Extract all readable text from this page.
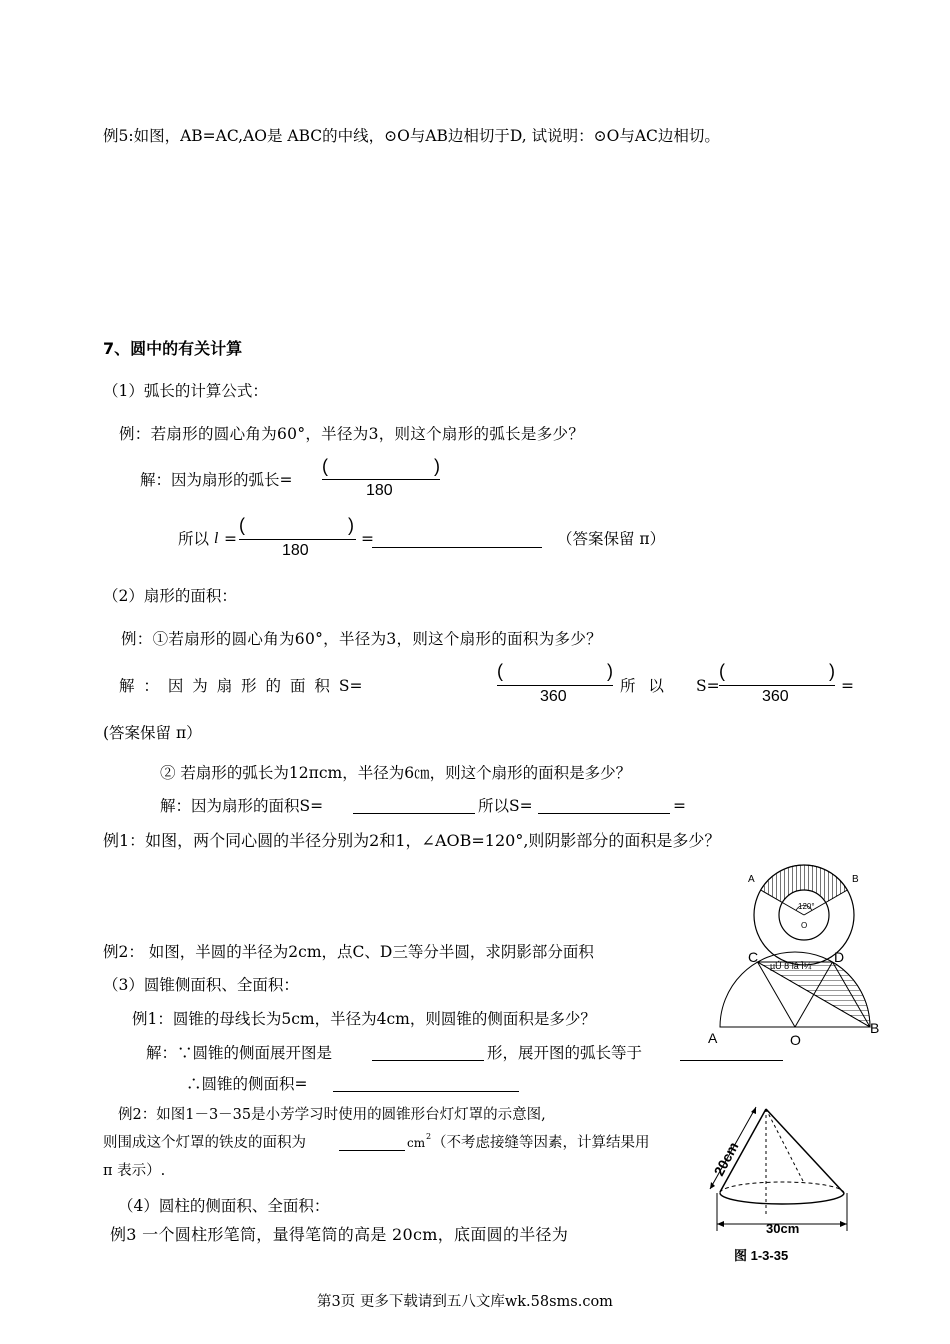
例5:如图，AB=AC,AO是 ABC的中线，⊙O与AB边相切于D, 试说明：⊙O与AC边相切。
7、圆中的有关计算
（1）弧长的计算公式：
例：若扇形的圆心角为60°，半径为3，则这个扇形的弧长是多少？
解：因为扇形的弧长=
(	)
180
所以 l =
(	)
180
=	（答案保留 π）
（2）扇形的面积：
例：①若扇形的圆心角为60°，半径为3，则这个扇形的面积为多少？
解 ： 因 为 扇 形 的 面 积 S=
(	)
360
所 以 S=
(	)
360
=
(答案保留 π）
② 若扇形的弧长为12πcm，半径为6㎝，则这个扇形的面积是多少？
解：因为扇形的面积S=	所以S=	=
例1：如图，两个同心圆的半径分别为2和1，∠AOB=120°,则阴影部分的面积是多少？
A	B
120°
O
例2： 如图，半圆的半径为2cm，点C、D三等分半圆，求阴影部分面积	C	D
µÚ 8 lâ Ì¼
A	O
B
（3）圆锥侧面积、全面积：
例1：圆锥的母线长为5cm，半径为4cm，则圆锥的侧面积是多少？
解：∵圆锥的侧面展开图是	形，展开图的弧长等于
∴圆锥的侧面积=
例2：如图1－3－35是小芳学习时使用的圆锥形台灯灯罩的示意图,
则围成这个灯罩的铁皮的面积为	cm 2 （不考虑接缝等因素，计算结果用
π 表示）.	20cm
30cm
图 1-3-35
（4）圆柱的侧面积、全面积：
例3 一个圆柱形笔筒，量得笔筒的高是 20cm，底面圆的半径为
第3页 更多下载请到五八文库wk.58sms.com
